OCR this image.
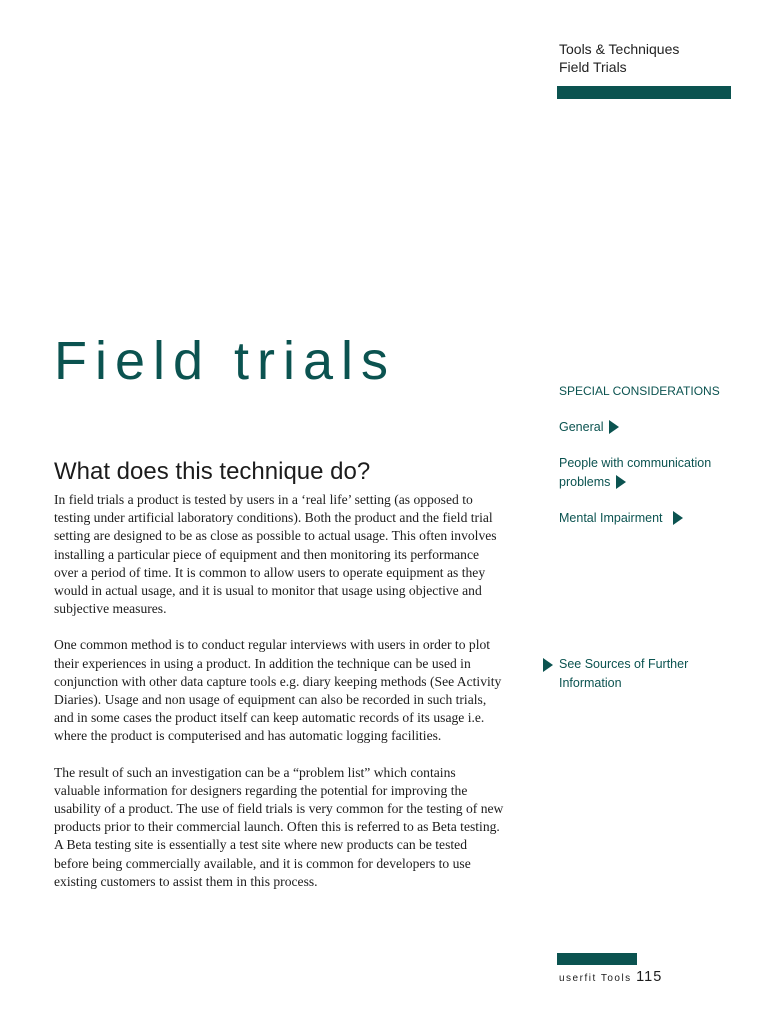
Tools & Techniques
Field Trials
Field trials
What does this technique do?

In field trials a product is tested by users in a ‘real life’ setting (as opposed to testing under artificial laboratory conditions). Both the product and the field trial setting are designed to be as close as possible to actual usage. This often involves installing a particular piece of equipment and then monitoring its performance over a period of time. It is common to allow users to operate equipment as they would in actual usage, and it is usual to monitor that usage using objective and subjective measures.

One common method is to conduct regular interviews with users in order to plot their experiences in using a product. In addition the technique can be used in conjunction with other data capture tools e.g. diary keeping methods (See Activity Diaries). Usage and non usage of equipment can also be recorded in such trials, and in some cases the product itself can keep automatic records of its usage i.e. where the product is computerised and has automatic logging facilities.

The result of such an investigation can be a “problem list” which contains valuable information for designers regarding the potential for improving the usability of a product. The use of field trials is very common for the testing of new products prior to their commercial launch. Often this is referred to as Beta testing. A Beta testing site is essentially a test site where new products can be tested before being commercially available, and it is common for developers to use existing customers to assist them in this process.

SPECIAL CONSIDERATIONS
General
People with communication
problems
Mental Impairment
See Sources of Further
Information
userfit Tools 115
